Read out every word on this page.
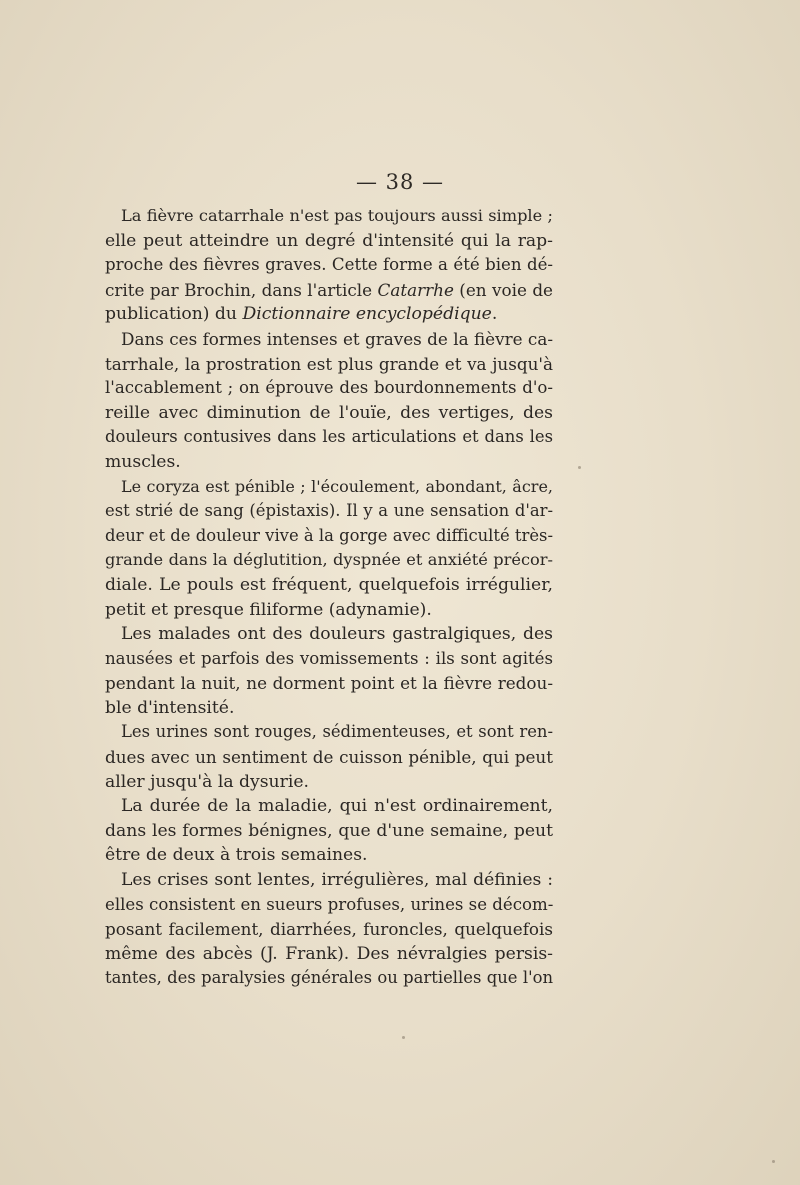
— 38 —
La fièvre catarrhale n'est pas toujours aussi simple ;
elle peut atteindre un degré d'intensité qui la rap-
proche des fièvres graves. Cette forme a été bien dé-
crite par Brochin, dans l'article Catarrhe (en voie de
publication) du Dictionnaire encyclopédique.
Dans ces formes intenses et graves de la fièvre ca-
tarrhale, la prostration est plus grande et va jusqu'à
l'accablement ; on éprouve des bourdonnements d'o-
reille avec diminution de l'ouïe, des vertiges, des
douleurs contusives dans les articulations et dans les
muscles.
Le coryza est pénible ; l'écoulement, abondant, âcre,
est strié de sang (épistaxis). Il y a une sensation d'ar-
deur et de douleur vive à la gorge avec difficulté très-
grande dans la déglutition, dyspnée et anxiété précor-
diale. Le pouls est fréquent, quelquefois irrégulier,
petit et presque filiforme (adynamie).
Les malades ont des douleurs gastralgiques, des
nausées et parfois des vomissements : ils sont agités
pendant la nuit, ne dorment point et la fièvre redou-
ble d'intensité.
Les urines sont rouges, sédimenteuses, et sont ren-
dues avec un sentiment de cuisson pénible, qui peut
aller jusqu'à la dysurie.
La durée de la maladie, qui n'est ordinairement,
dans les formes bénignes, que d'une semaine, peut
être de deux à trois semaines.
Les crises sont lentes, irrégulières, mal définies :
elles consistent en sueurs profuses, urines se décom-
posant facilement, diarrhées, furoncles, quelquefois
même des abcès (J. Frank). Des névralgies persis-
tantes, des paralysies générales ou partielles que l'on
